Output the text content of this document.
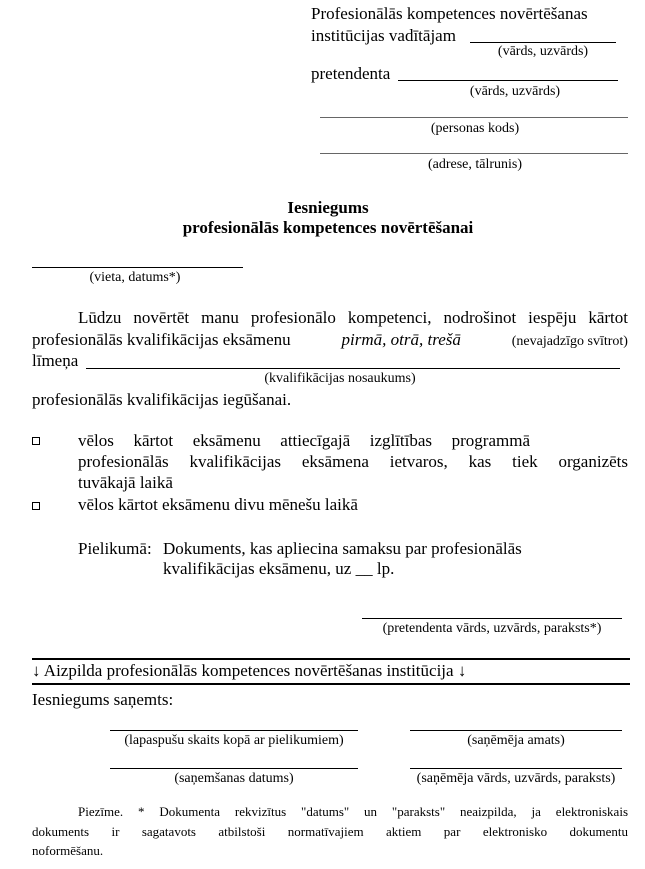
Profesionālās kompetences novērtēšanas
institūcijas vadītājam
(vārds, uzvārds)
pretendenta
(vārds, uzvārds)
(personas kods)
(adrese, tālrunis)
Iesniegums
profesionālās kompetences novērtēšanai
(vieta, datums*)
Lūdzu novērtēt manu profesionālo kompetenci, nodrošinot iespēju kārtot
profesionālās kvalifikācijas eksāmenu	pirmā, otrā, trešā	(nevajadzīgo svītrot)
līmeņa
(kvalifikācijas nosaukums)
profesionālās kvalifikācijas iegūšanai.
vēlos kārtot eksāmenu attiecīgajā izglītības programmā
profesionālās kvalifikācijas eksāmena ietvaros, kas tiek organizēts
tuvākajā laikā
vēlos kārtot eksāmenu divu mēnešu laikā
Pielikumā: Dokuments, kas apliecina samaksu par profesionālās
kvalifikācijas eksāmenu, uz __ lp.
(pretendenta vārds, uzvārds, paraksts*)
↓ Aizpilda profesionālās kompetences novērtēšanas institūcija ↓
Iesniegums saņemts:
(lapaspušu skaits kopā ar pielikumiem)	(saņēmēja amats)
(saņemšanas datums)	(saņēmēja vārds, uzvārds, paraksts)
Piezīme. * Dokumenta rekvizītus "datums" un "paraksts" neaizpilda, ja elektroniskais
dokuments ir sagatavots atbilstoši normatīvajiem aktiem par elektronisko dokumentu
noformēšanu.
